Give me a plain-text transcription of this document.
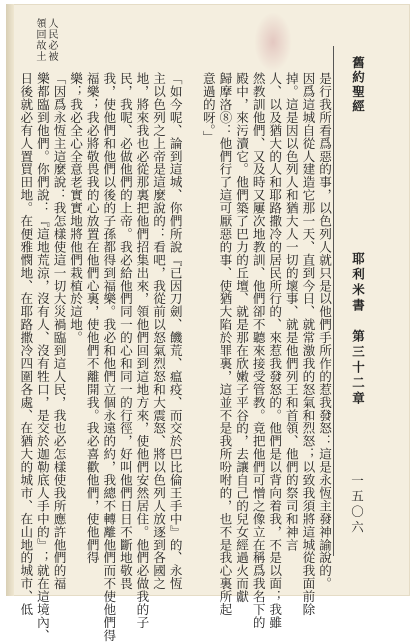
舊約聖經
耶利米書　第三十二章
一五〇六
人民必被
領回故土
是行我所看爲惡的事，以色列人就只是以他們手所作的惹我發怒：這是永恆主發神諭說的。
因爲這城自從人建造它那一天、直到今日、就常激我的怒氣和烈怒；以致我須將這城從我面前除
掉。這是因以色列人和猶大人一切的壞事、就是他們列王和首領、他們的祭司和神言
人、以及猶大的人和耶路撒冷的居民所行的、來惹我發怒的。他們是以背向着我，不是以面；我雖
然教訓他們、又及時又屢次地教訓、他們卻不聽來接受管教。竟把他們可憎之像立在稱爲我名下的
殿中，來污瀆它。他們築了巴力的丘壇、就是那在欣嫩子平谷的，去讓自己的兒女經過火而獻
歸摩洛⑧：他們行了這可厭惡的事、使猶大陷於罪裏，這並不是我所吩咐的，也不是我心裏所起
意過的呀。」
「如今呢、論到這城、你們所說『已因刀劍、饑荒、瘟疫、而交於巴比倫王手中』的、永恆
主以色列之上帝是這麼說的：看吧，我從前以怒氣烈怒和大震怒、將以色列人放逐到各國之
地，將來我也必從那裏把他們招集出來，領他們回到這地方來，使他們安然居住。他們必做我的子
民，我呢、必做他們的上帝。我必給他們同一的心和同一的行徑，好叫他們日日不斷地敬畏
我，使他們和他們以後的子孫都得到福樂。我必和他們立個永遠的約，我總不轉離他們而不使他們得
福樂；我必將敬畏我的心放置在他們心裏，使他們不離開我。我必喜歡他們，使他們得
樂；我必全心全意老實實地將他們栽植於這地。
「因爲永恆主這麼說：我怎樣使這一切大災禍臨到這人民，我也必怎樣使我所應許他們的福
樂都臨到他們。你們說：『這地荒涼，沒有人、沒有牲口，是交於迦勒底人手中的』；就在這境內、
日後就必有人置買田地。在便雅憫地、在耶路撒冷四圍各處、在猶大的城市、在山地的城市、低
